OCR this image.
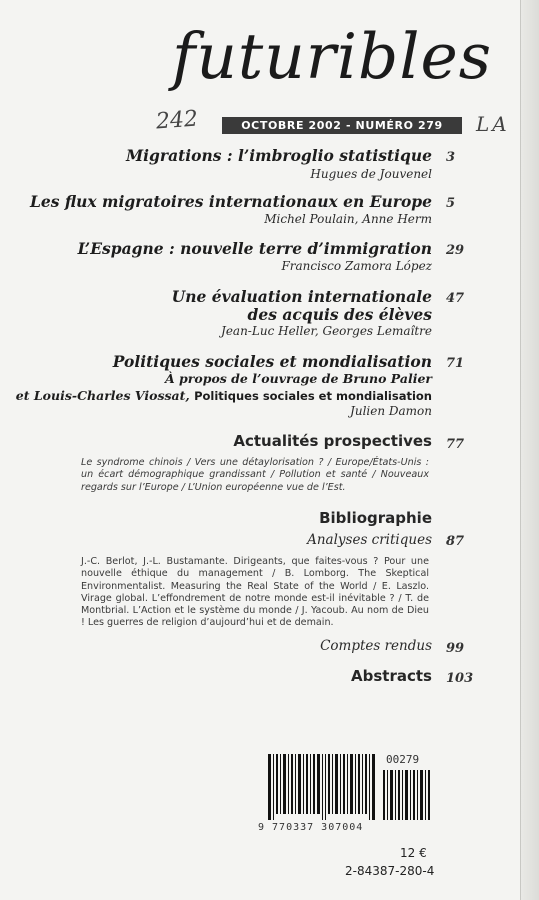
futuribles
242	OCTOBRE 2002 - NUMÉRO 279	LA
Migrations : l’imbroglio statistique 3
Hugues de Jouvenel
Les flux migratoires internationaux en Europe 5
Michel Poulain, Anne Herm
L’Espagne : nouvelle terre d’immigration 29
Francisco Zamora López
Une évaluation internationale 47
des acquis des élèves
Jean-Luc Heller, Georges Lemaître
Politiques sociales et mondialisation 71
À propos de l’ouvrage de Bruno Palier
et Louis-Charles Viossat, Politiques sociales et mondialisation
Julien Damon
Actualités prospectives 77
Le syndrome chinois / Vers une détaylorisation ? / Europe/États-Unis : un écart démographique grandissant / Pollution et santé / Nouveaux regards sur l’Europe / L’Union européenne vue de l’Est.
Bibliographie
Analyses critiques 87
J.-C. Berlot, J.-L. Bustamante. Dirigeants, que faites-vous ? Pour une nouvelle éthique du management / B. Lomborg. The Skeptical Environmentalist. Measuring the Real State of the World / E. Laszlo. Virage global. L’effondrement de notre monde est-il inévitable ? / T. de Montbrial. L’Action et le système du monde / J. Yacoub. Au nom de Dieu ! Les guerres de religion d’aujourd’hui et de demain.
Comptes rendus 99
Abstracts 103
00279
9 770337 307004
12 €
2-84387-280-4
